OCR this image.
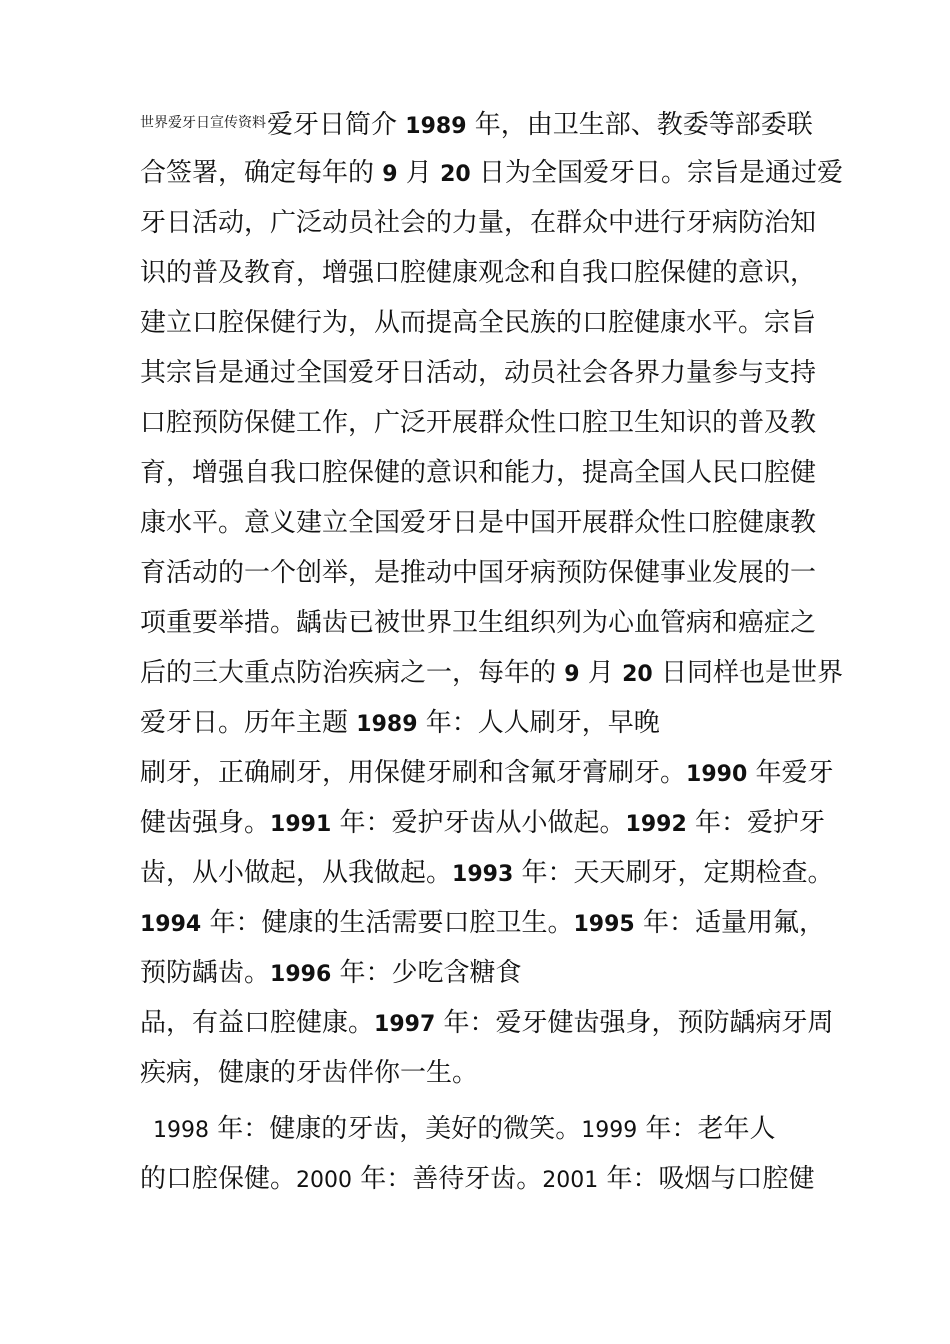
$^{世界爱牙日宣传资料}$爱牙日简介 1989 年，由卫生部、教委等部委联
合签署，确定每年的 9 月 20 日为全国爱牙日。宗旨是通过爱
牙日活动，广泛动员社会的力量，在群众中进行牙病防治知
识的普及教育，增强口腔健康观念和自我口腔保健的意识，
建立口腔保健行为，从而提高全民族的口腔健康水平。宗旨
其宗旨是通过全国爱牙日活动，动员社会各界力量参与支持
口腔预防保健工作，广泛开展群众性口腔卫生知识的普及教
育，增强自我口腔保健的意识和能力，提高全国人民口腔健
康水平。意义建立全国爱牙日是中国开展群众性口腔健康教
育活动的一个创举，是推动中国牙病预防保健事业发展的一
项重要举措。龋齿已被世界卫生组织列为心血管病和癌症之
后的三大重点防治疾病之一，每年的 9 月 20 日同样也是世界
爱牙日。历年主题 1989 年：人人刷牙，早晚
刷牙，正确刷牙，用保健牙刷和含氟牙膏刷牙。1990 年爱牙
健齿强身。1991 年：爱护牙齿从小做起。1992 年：爱护牙
齿，从小做起，从我做起。1993 年：天天刷牙，定期检查。
1994 年：健康的生活需要口腔卫生。1995 年：适量用氟，
预防龋齿。1996 年：少吃含糖食
品，有益口腔健康。1997 年：爱牙健齿强身，预防龋病牙周
疾病，健康的牙齿伴你一生。
1998 年：健康的牙齿，美好的微笑。1999 年：老年人
的口腔保健。2000 年：善待牙齿。2001 年：吸烟与口腔健
